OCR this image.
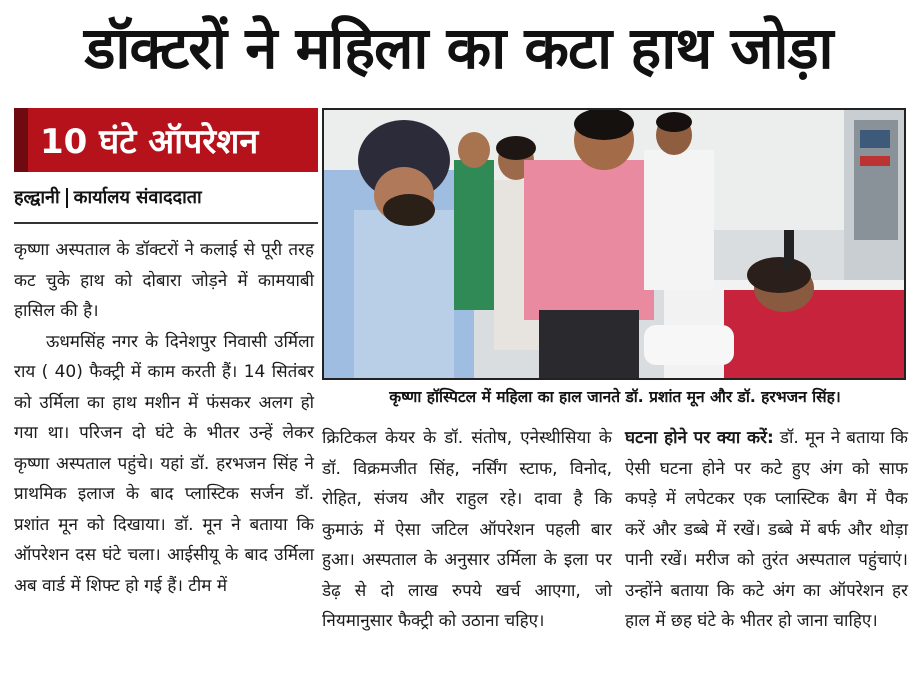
डॉक्टरों ने महिला का कटा हाथ जोड़ा
10 घंटे ऑपरेशन
हल्द्वानी कार्यालय संवाददाता

कृष्णा अस्पताल के डॉक्टरों ने कलाई से पूरी तरह कट चुके हाथ को दोबारा जोड़ने में कामयाबी हासिल की है।

ऊधमसिंह नगर के दिनेशपुर निवासी उर्मिला राय ( 40) फैक्ट्री में काम करती हैं। 14 सितंबर को उर्मिला का हाथ मशीन में फंसकर अलग हो गया था। परिजन दो घंटे के भीतर उन्हें लेकर कृष्णा अस्पताल पहुंचे। यहां डॉ. हरभजन सिंह ने प्राथमिक इलाज के बाद प्लास्टिक सर्जन डॉ. प्रशांत मून को दिखाया। डॉ. मून ने बताया कि ऑपरेशन दस घंटे चला। आईसीयू के बाद उर्मिला अब वार्ड में शिफ्ट हो गई हैं। टीम में

कृष्णा हॉस्पिटल में महिला का हाल जानते डॉ. प्रशांत मून और डॉ. हरभजन सिंह।

क्रिटिकल केयर के डॉ. संतोष, एनेस्थीसिया के डॉ. विक्रमजीत सिंह, नर्सिंग स्टाफ, विनोद, रोहित, संजय और राहुल रहे। दावा है कि कुमाऊं में ऐसा जटिल ऑपरेशन पहली बार हुआ। अस्पताल के अनुसार उर्मिला के इला पर डेढ़ से दो लाख रुपये खर्च आएगा, जो नियमानुसार फैक्ट्री को उठाना चहिए।

घटना होने पर क्या करें: डॉ. मून ने बताया कि ऐसी घटना होने पर कटे हुए अंग को साफ कपड़े में लपेटकर एक प्लास्टिक बैग में पैक करें और डब्बे में रखें। डब्बे में बर्फ और थोड़ा पानी रखें। मरीज को तुरंत अस्पताल पहुंचाएं। उन्होंने बताया कि कटे अंग का ऑपरेशन हर हाल में छह घंटे के भीतर हो जाना चाहिए।
